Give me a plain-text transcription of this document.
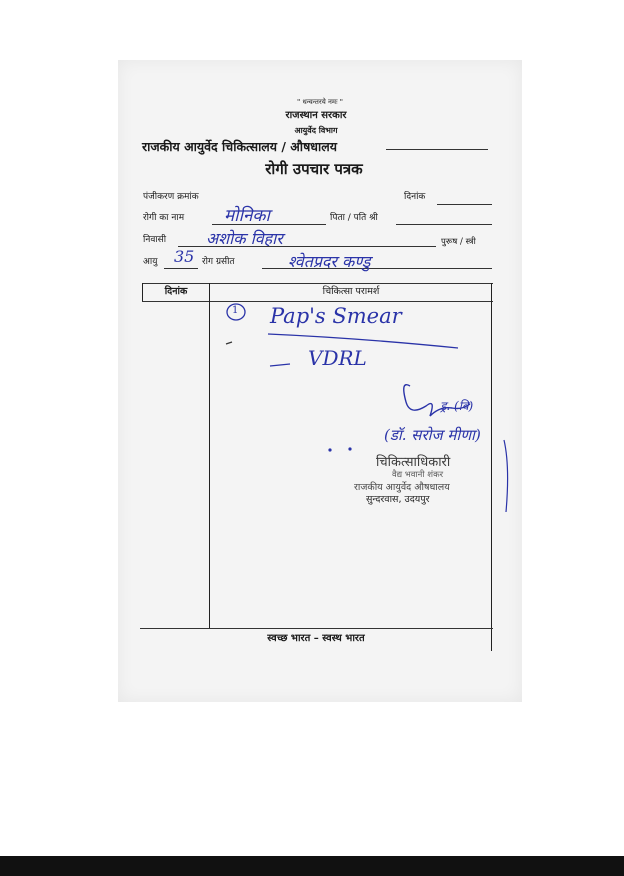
" धन्वन्तरये नमः "
राजस्थान सरकार
आयुर्वेद विभाग
राजकीय आयुर्वेद चिकित्सालय / औषधालय
रोगी उपचार पत्रक
पंजीकरण क्रमांक	दिनांक
रोगी का नाम मोनिका	पिता / पति श्री
निवासी अशोक विहार	पुरूष / स्त्री
आयु 35 रोग ग्रसीत	श्वेतप्रदर कण्डु
दिनांक	चिकित्सा परामर्श
1 Pap's Smear
VDRL
ड्र. (वि)
(डॉ. सरोज मीणा)
चिकित्साधिकारी
वैद्य भवानी शंकर
राजकीय आयुर्वेद औषधालय
सुन्दरवास, उदयपुर
स्वच्छ भारत – स्वस्थ भारत
